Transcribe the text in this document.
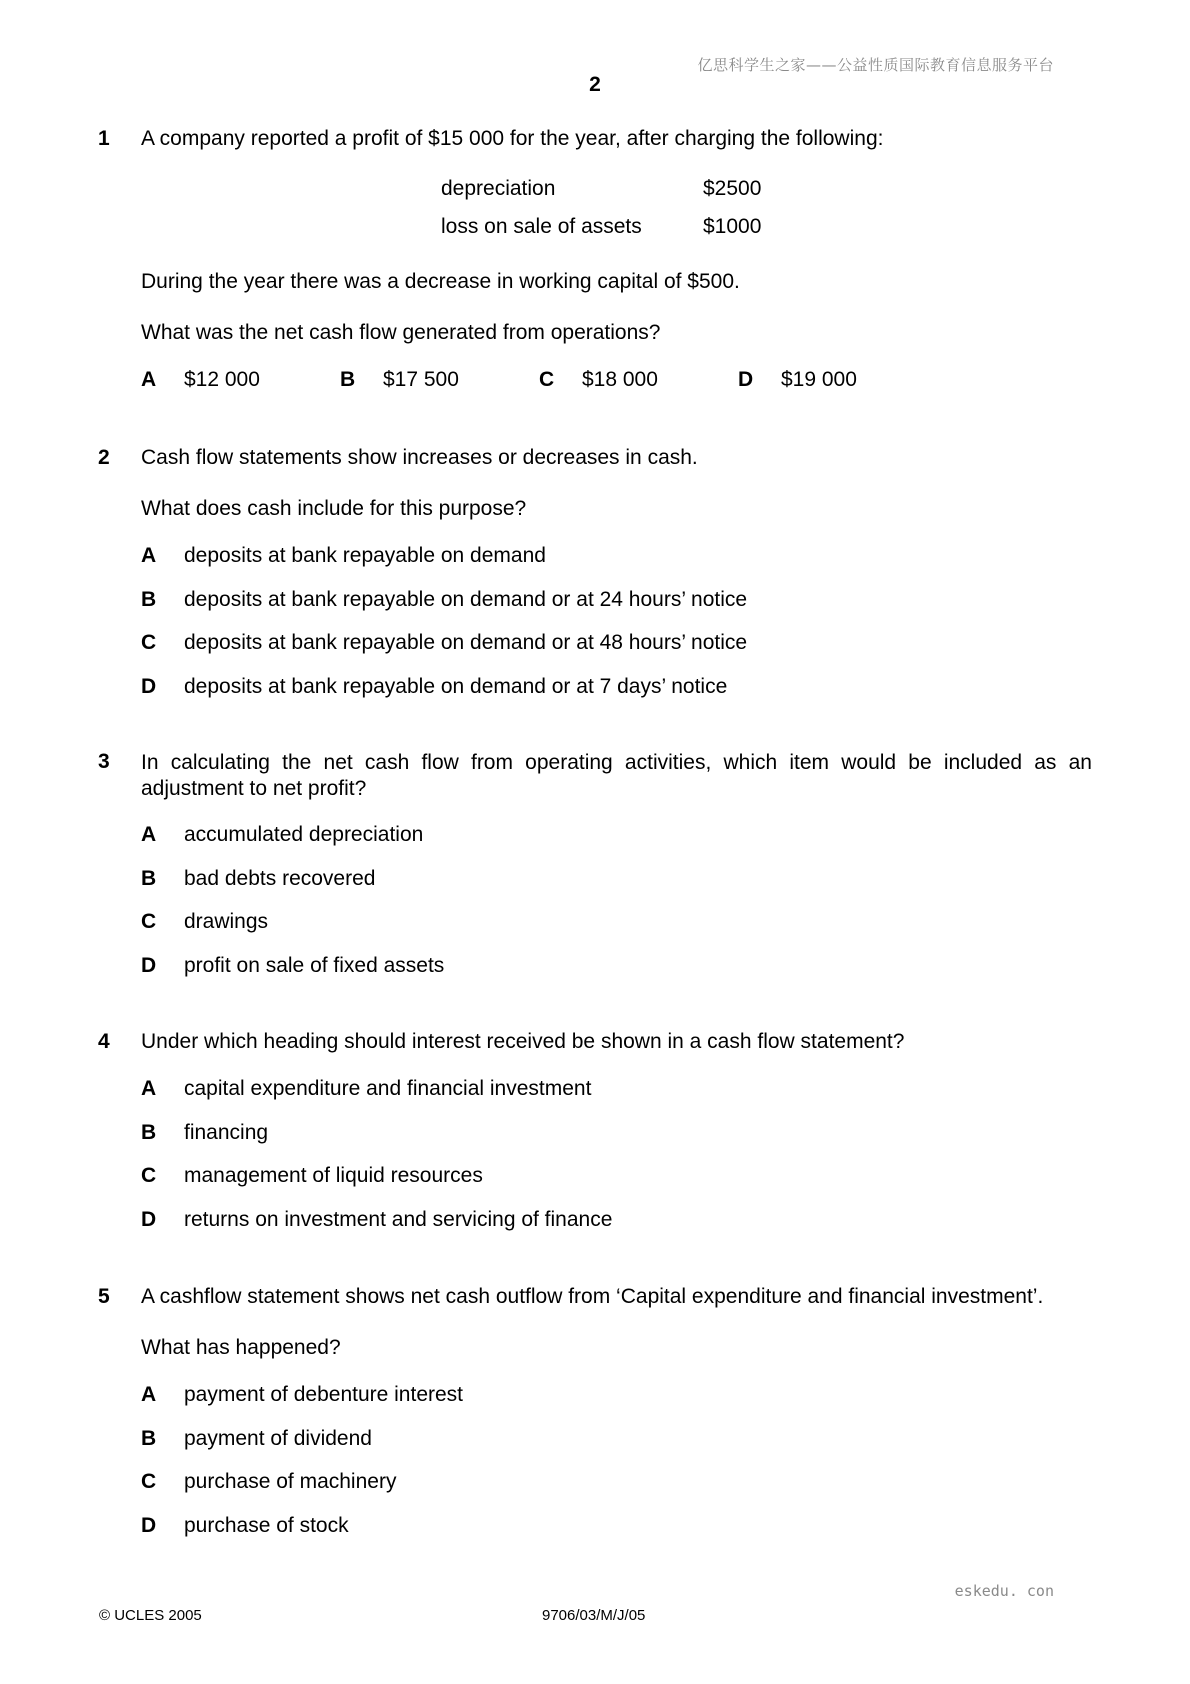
亿思科学生之家——公益性质国际教育信息服务平台
2
1 A company reported a profit of $15 000 for the year, after charging the following:
depreciation	$2500
loss on sale of assets	$1000
During the year there was a decrease in working capital of $500.
What was the net cash flow generated from operations?
A $12 000	B $17 500	C $18 000	D $19 000
2 Cash flow statements show increases or decreases in cash.
What does cash include for this purpose?
A deposits at bank repayable on demand
B deposits at bank repayable on demand or at 24 hours’ notice
C deposits at bank repayable on demand or at 48 hours’ notice
D deposits at bank repayable on demand or at 7 days’ notice
3 In calculating the net cash flow from operating activities, which item would be included as an adjustment to net profit?
A accumulated depreciation
B bad debts recovered
C drawings
D profit on sale of fixed assets
4 Under which heading should interest received be shown in a cash flow statement?
A capital expenditure and financial investment
B financing
C management of liquid resources
D returns on investment and servicing of finance
5 A cashflow statement shows net cash outflow from ‘Capital expenditure and financial investment’.
What has happened?
A payment of debenture interest
B payment of dividend
C purchase of machinery
D purchase of stock
eskedu. con
© UCLES 2005	9706/03/M/J/05
